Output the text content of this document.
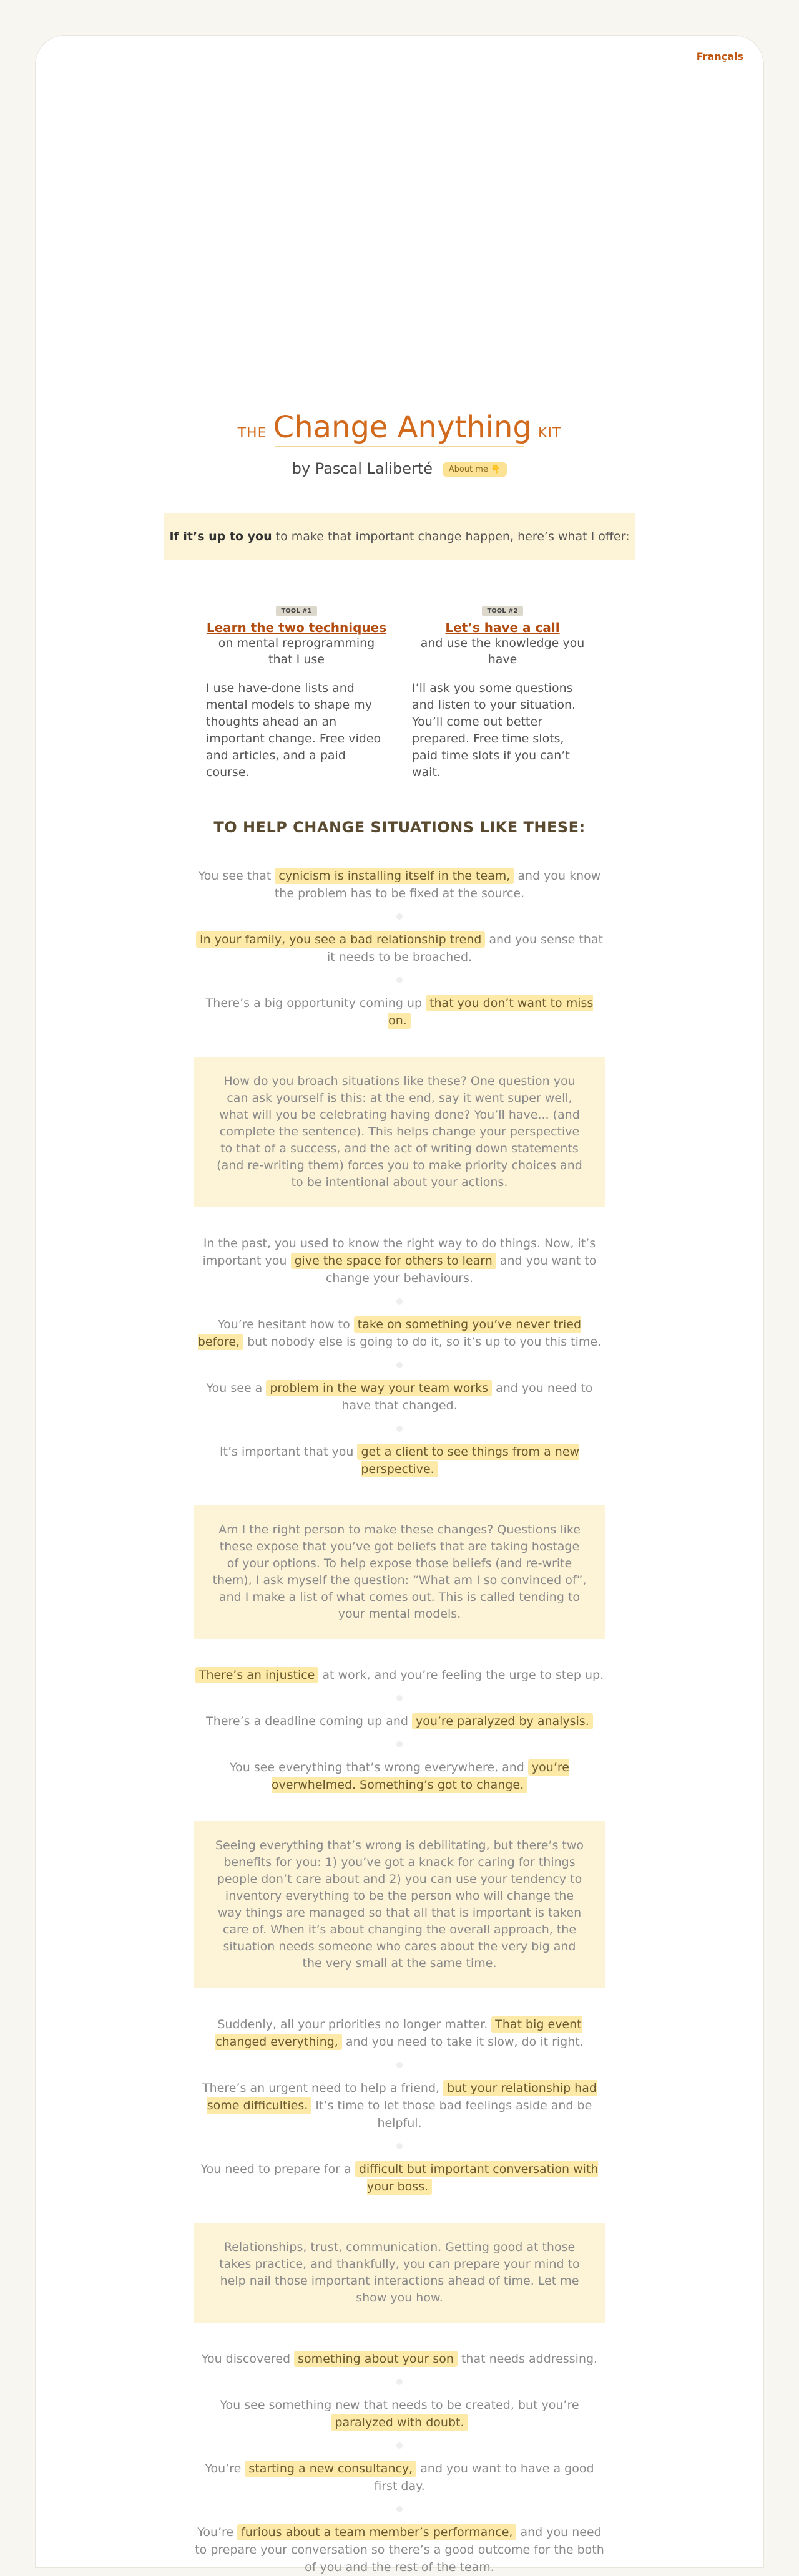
Français
THE Change Anything KIT
by Pascal Laliberté About me 👇
If it’s up to you to make that important change happen, here’s what I offer:
TOOL #1
Learn the two techniques
on mental reprogramming that I use
I use have-done lists and mental models to shape my thoughts ahead an an important change. Free video and articles, and a paid course.
TOOL #2
Let’s have a call
and use the knowledge you have
I’ll ask you some questions and listen to your situation. You’ll come out better prepared. Free time slots, paid time slots if you can’t wait.
TO HELP CHANGE SITUATIONS LIKE THESE:
You see that cynicism is installing itself in the team, and you know the problem has to be fixed at the source.
In your family, you see a bad relationship trend and you sense that it needs to be broached.
There’s a big opportunity coming up that you don’t want to miss on.
How do you broach situations like these? One question you can ask yourself is this: at the end, say it went super well, what will you be celebrating having done? You’ll have... (and complete the sentence). This helps change your perspective to that of a success, and the act of writing down statements (and re-writing them) forces you to make priority choices and to be intentional about your actions.
In the past, you used to know the right way to do things. Now, it’s important you give the space for others to learn and you want to change your behaviours.
You’re hesitant how to take on something you’ve never tried before, but nobody else is going to do it, so it’s up to you this time.
You see a problem in the way your team works and you need to have that changed.
It’s important that you get a client to see things from a new perspective.
Am I the right person to make these changes? Questions like these expose that you’ve got beliefs that are taking hostage of your options. To help expose those beliefs (and re-write them), I ask myself the question: “What am I so convinced of”, and I make a list of what comes out. This is called tending to your mental models.
There’s an injustice at work, and you’re feeling the urge to step up.
There’s a deadline coming up and you’re paralyzed by analysis.
You see everything that’s wrong everywhere, and you’re overwhelmed. Something’s got to change.
Seeing everything that’s wrong is debilitating, but there’s two benefits for you: 1) you’ve got a knack for caring for things people don’t care about and 2) you can use your tendency to inventory everything to be the person who will change the way things are managed so that all that is important is taken care of. When it’s about changing the overall approach, the situation needs someone who cares about the very big and the very small at the same time.
Suddenly, all your priorities no longer matter. That big event changed everything, and you need to take it slow, do it right.
There’s an urgent need to help a friend, but your relationship had some difficulties. It’s time to let those bad feelings aside and be helpful.
You need to prepare for a difficult but important conversation with your boss.
Relationships, trust, communication. Getting good at those takes practice, and thankfully, you can prepare your mind to help nail those important interactions ahead of time. Let me show you how.
You discovered something about your son that needs addressing.
You see something new that needs to be created, but you’re paralyzed with doubt.
You’re starting a new consultancy, and you want to have a good first day.
You’re furious about a team member’s performance, and you need to prepare your conversation so there’s a good outcome for the both of you and the rest of the team.
